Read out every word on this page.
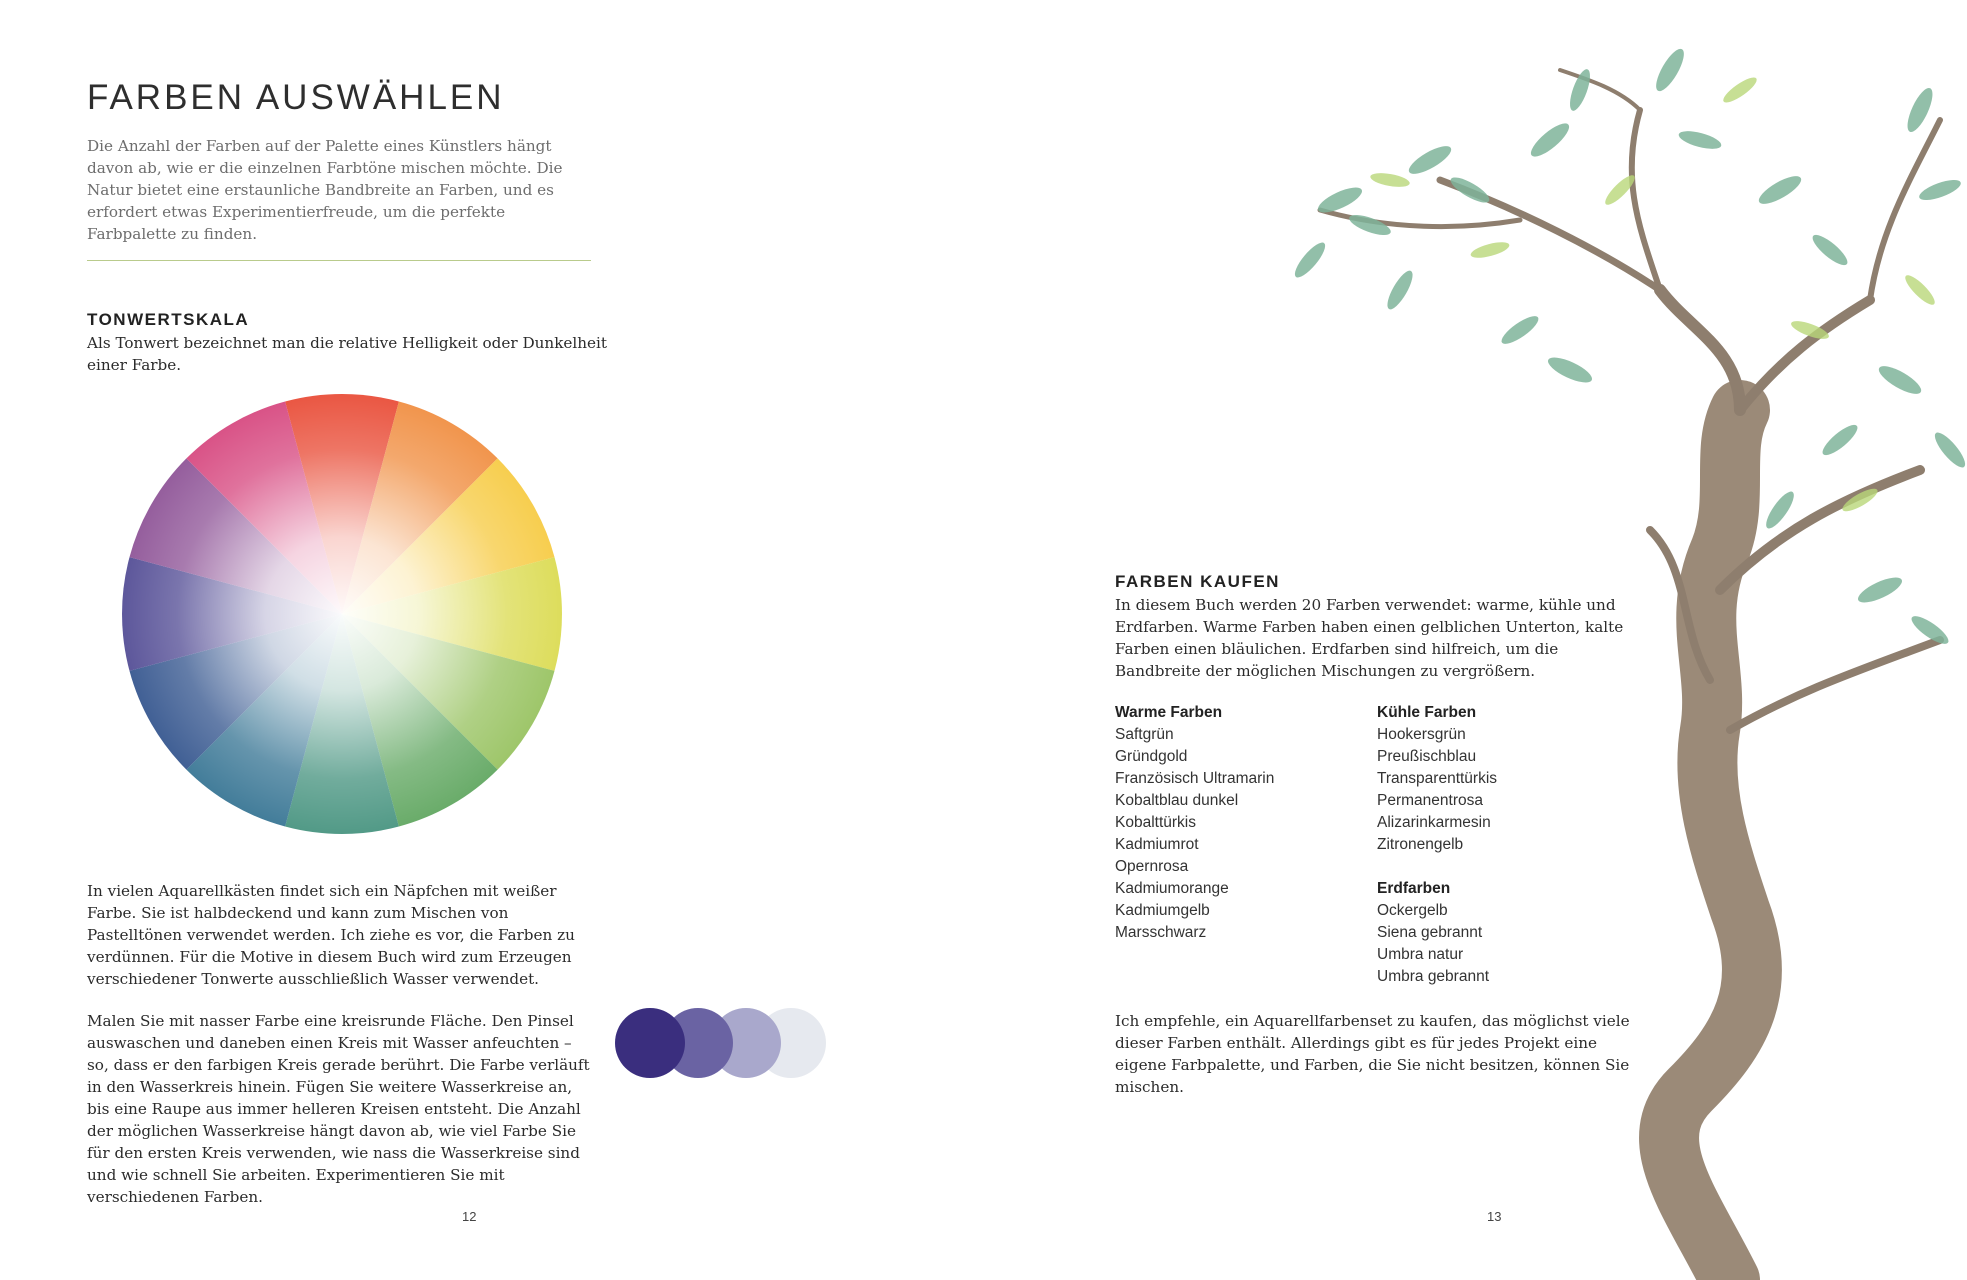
FARBEN AUSWÄHLEN

Die Anzahl der Farben auf der Palette eines Künstlers hängt davon ab, wie er die einzelnen Farbtöne mischen möchte. Die Natur bietet eine erstaunliche Bandbreite an Farben, und es erfordert etwas Experimentierfreude, um die perfekte Farbpalette zu finden.

TONWERTSKALA

Als Tonwert bezeichnet man die relative Helligkeit oder Dunkelheit einer Farbe.

In vielen Aquarellkästen findet sich ein Näpfchen mit weißer Farbe. Sie ist halbdeckend und kann zum Mischen von Pastelltönen verwendet werden. Ich ziehe es vor, die Farben zu verdünnen. Für die Motive in diesem Buch wird zum Erzeugen verschiedener Tonwerte ausschließlich Wasser verwendet.

Malen Sie mit nasser Farbe eine kreisrunde Fläche. Den Pinsel auswaschen und daneben einen Kreis mit Wasser anfeuchten – so, dass er den farbigen Kreis gerade berührt. Die Farbe verläuft in den Wasserkreis hinein. Fügen Sie weitere Wasserkreise an, bis eine Raupe aus immer helleren Kreisen entsteht. Die Anzahl der möglichen Wasserkreise hängt davon ab, wie viel Farbe Sie für den ersten Kreis verwenden, wie nass die Wasserkreise sind und wie schnell Sie arbeiten. Experimentieren Sie mit verschiedenen Farben.

12
FARBEN KAUFEN

In diesem Buch werden 20 Farben verwendet: warme, kühle und Erdfarben. Warme Farben haben einen gelblichen Unterton, kalte Farben einen bläulichen. Erdfarben sind hilfreich, um die Bandbreite der möglichen Mischungen zu vergrößern.

Warme Farben
Saftgrün
Gründgold
Französisch Ultramarin
Kobaltblau dunkel
Kobalttürkis
Kadmiumrot
Opernrosa
Kadmiumorange
Kadmiumgelb
Marsschwarz
Kühle Farben
Hookersgrün
Preußischblau
Transparenttürkis
Permanentrosa
Alizarinkarmesin
Zitronengelb
Erdfarben
Ockergelb
Siena gebrannt
Umbra natur
Umbra gebrannt

Ich empfehle, ein Aquarellfarbenset zu kaufen, das möglichst viele dieser Farben enthält. Allerdings gibt es für jedes Projekt eine eigene Farbpalette, und Farben, die Sie nicht besitzen, können Sie mischen.

13
